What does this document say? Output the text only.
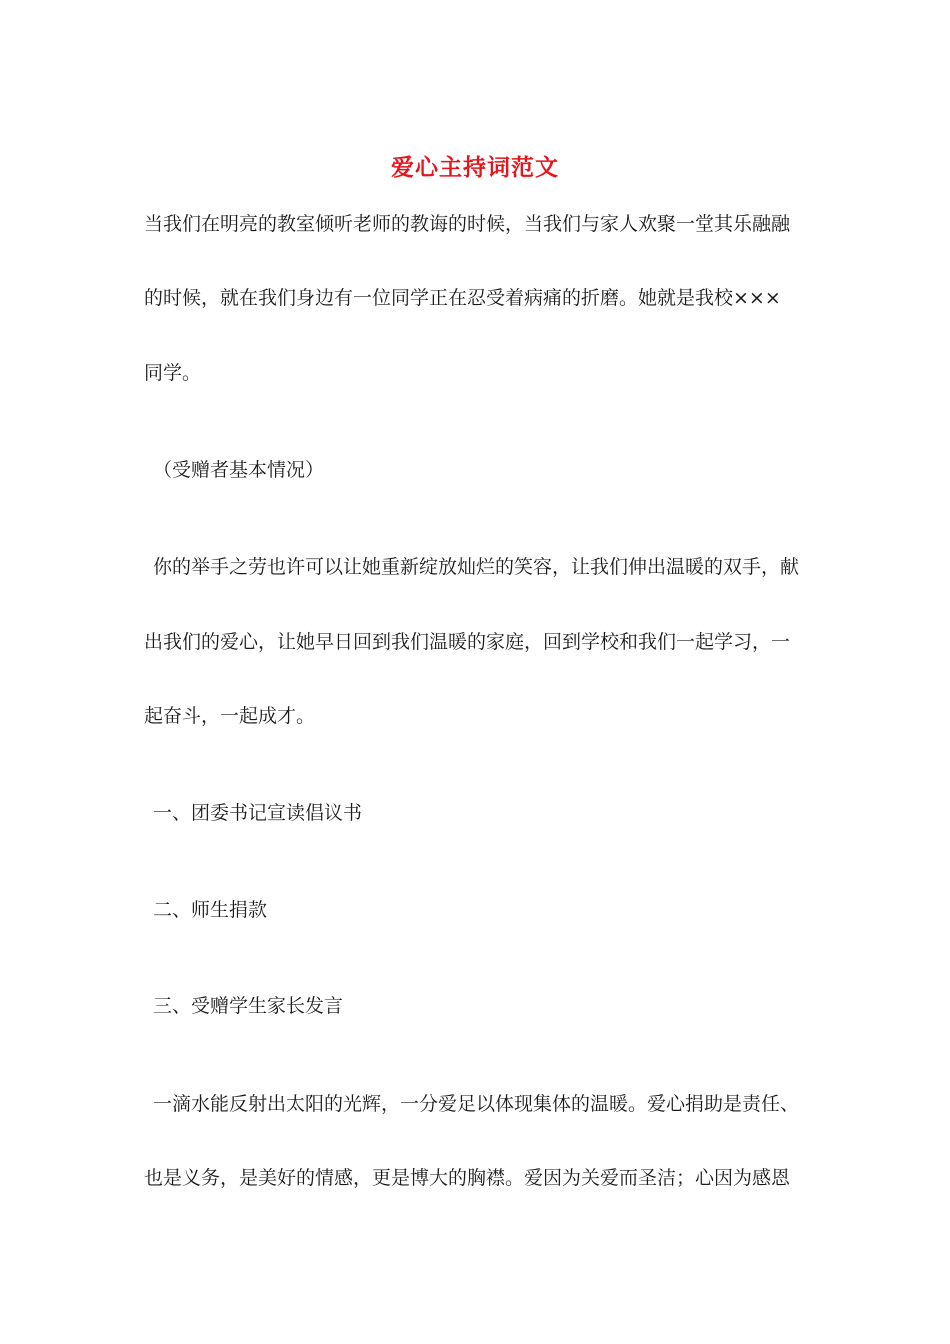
爱心主持词范文
当我们在明亮的教室倾听老师的教诲的时候，当我们与家人欢聚一堂其乐融融
的时候，就在我们身边有一位同学正在忍受着病痛的折磨。她就是我校×××
同学。
（受赠者基本情况）
你的举手之劳也许可以让她重新绽放灿烂的笑容，让我们伸出温暖的双手，献
出我们的爱心，让她早日回到我们温暖的家庭，回到学校和我们一起学习，一
起奋斗，一起成才。
一、团委书记宣读倡议书
二、师生捐款
三、受赠学生家长发言
一滴水能反射出太阳的光辉，一分爱足以体现集体的温暖。爱心捐助是责任、
也是义务，是美好的情感，更是博大的胸襟。爱因为关爱而圣洁；心因为感恩
